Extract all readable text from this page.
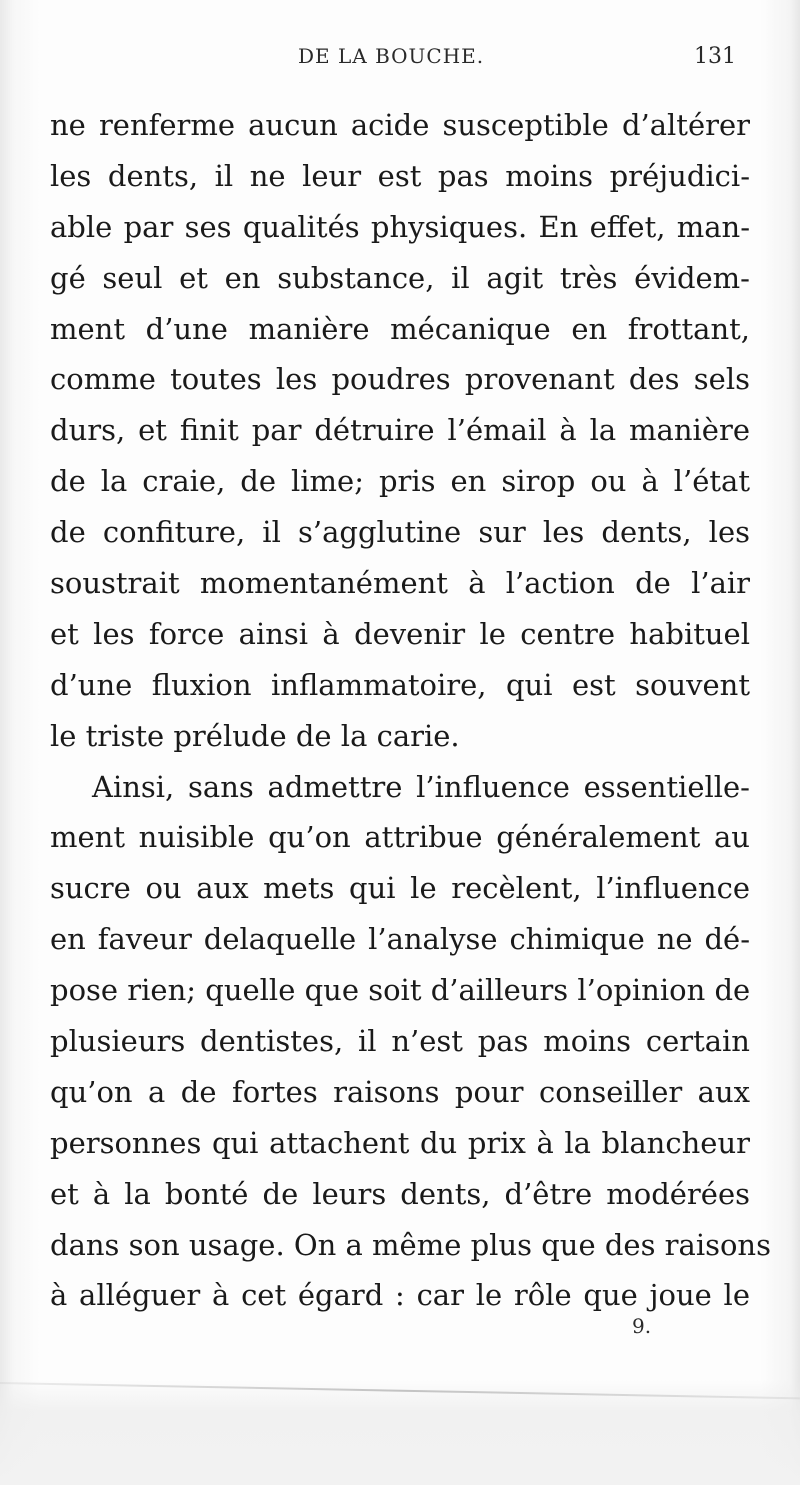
DE LA BOUCHE.	131
ne renferme aucun acide susceptible d’altérer
les dents, il ne leur est pas moins préjudici-
able par ses qualités physiques. En effet, man-
gé seul et en substance, il agit très évidem-
ment d’une manière mécanique en frottant,
comme toutes les poudres provenant des sels
durs, et finit par détruire l’émail à la manière
de la craie, de lime; pris en sirop ou à l’état
de confiture, il s’agglutine sur les dents, les
soustrait momentanément à l’action de l’air
et les force ainsi à devenir le centre habituel
d’une fluxion inflammatoire, qui est souvent
le triste prélude de la carie.
Ainsi, sans admettre l’influence essentielle-
ment nuisible qu’on attribue généralement au
sucre ou aux mets qui le recèlent, l’influence
en faveur delaquelle l’analyse chimique ne dé-
pose rien; quelle que soit d’ailleurs l’opinion de
plusieurs dentistes, il n’est pas moins certain
qu’on a de fortes raisons pour conseiller aux
personnes qui attachent du prix à la blancheur
et à la bonté de leurs dents, d’être modérées
dans son usage. On a même plus que des raisons
à alléguer à cet égard : car le rôle que joue le
9.
